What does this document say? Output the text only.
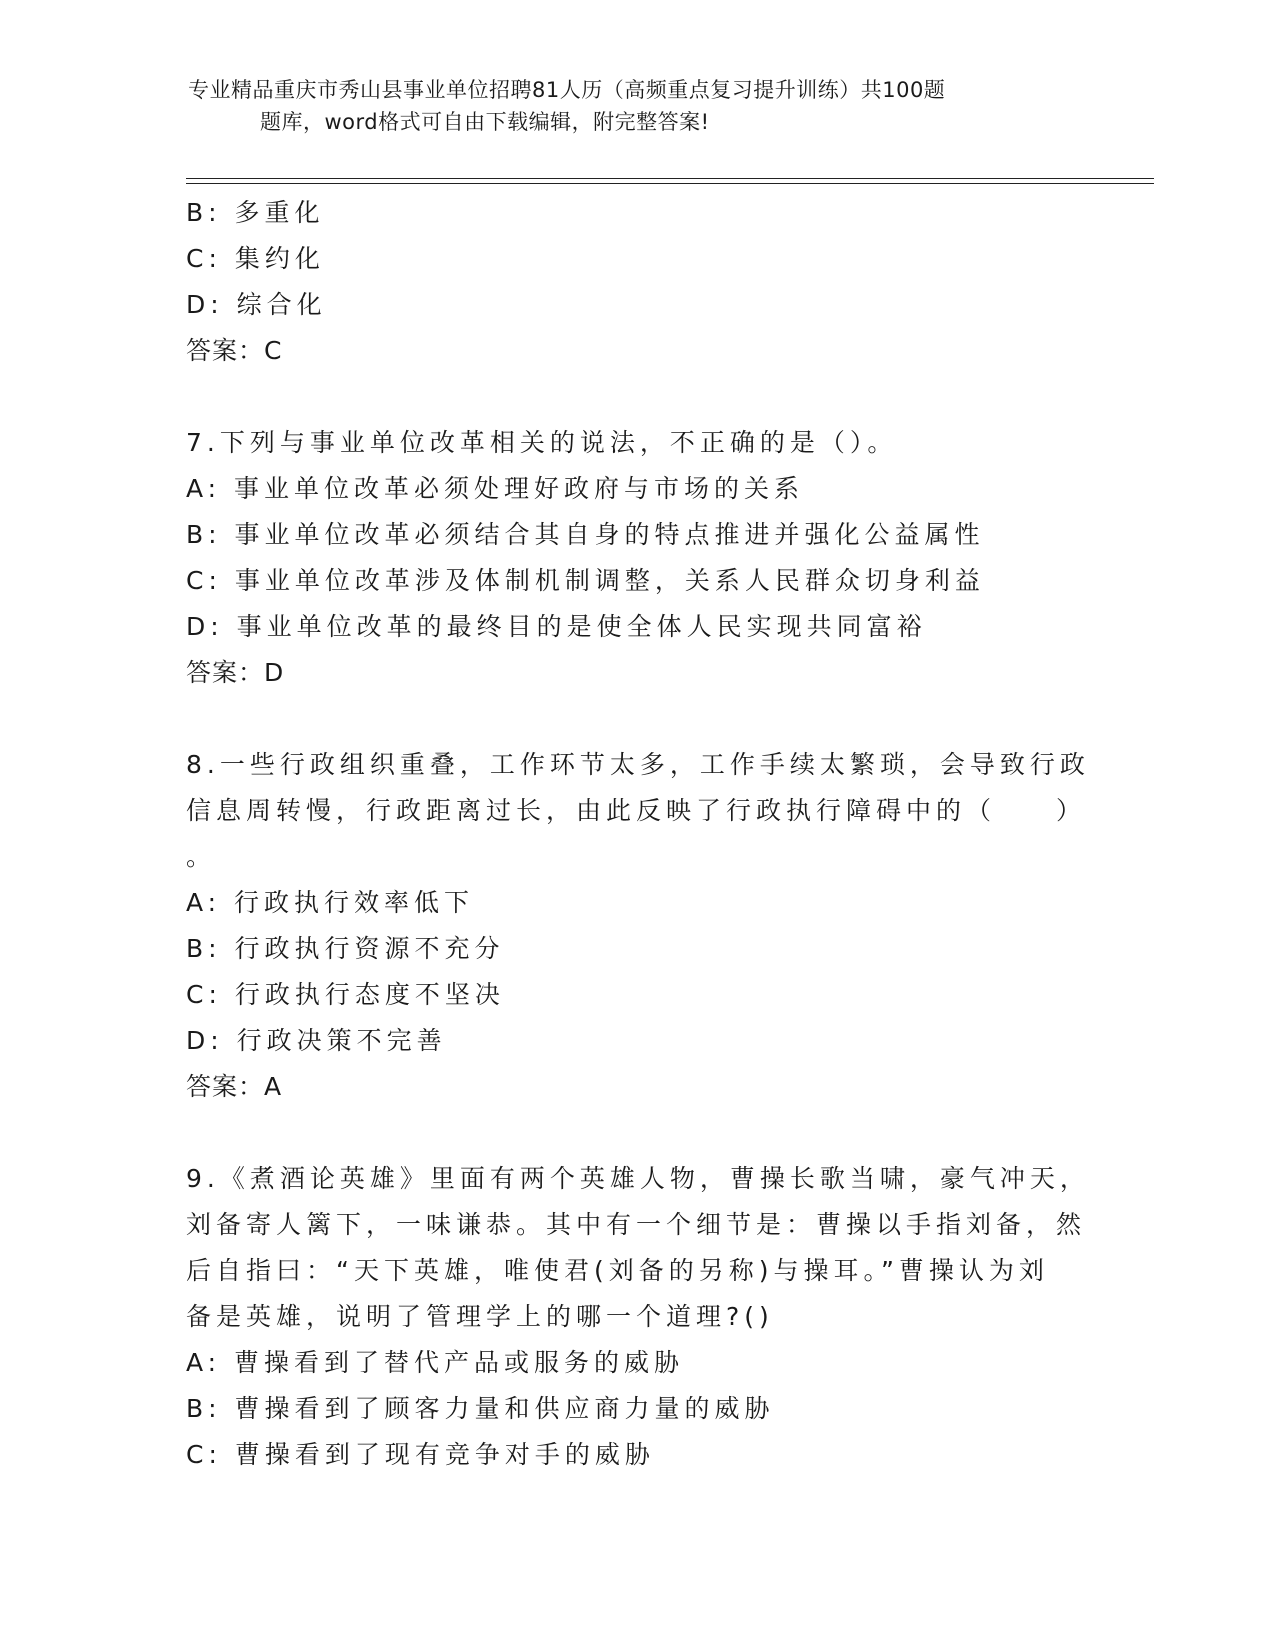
专业精品重庆市秀山县事业单位招聘81人历（高频重点复习提升训练）共100题
题库，word格式可自由下载编辑，附完整答案!
B: 多重化
C: 集约化
D: 综合化
答案：C
7.下列与事业单位改革相关的说法，不正确的是（）。
A: 事业单位改革必须处理好政府与市场的关系
B: 事业单位改革必须结合其自身的特点推进并强化公益属性
C: 事业单位改革涉及体制机制调整，关系人民群众切身利益
D: 事业单位改革的最终目的是使全体人民实现共同富裕
答案：D
8.一些行政组织重叠，工作环节太多，工作手续太繁琐，会导致行政
信息周转慢，行政距离过长，由此反映了行政执行障碍中的（　　）
。
A: 行政执行效率低下
B: 行政执行资源不充分
C: 行政执行态度不坚决
D: 行政决策不完善
答案：A
9.《煮酒论英雄》里面有两个英雄人物，曹操长歌当啸，豪气冲天，
刘备寄人篱下，一味谦恭。其中有一个细节是：曹操以手指刘备，然
后自指曰：“天下英雄，唯使君(刘备的另称)与操耳。”曹操认为刘
备是英雄，说明了管理学上的哪一个道理?()
A: 曹操看到了替代产品或服务的威胁
B: 曹操看到了顾客力量和供应商力量的威胁
C: 曹操看到了现有竞争对手的威胁
